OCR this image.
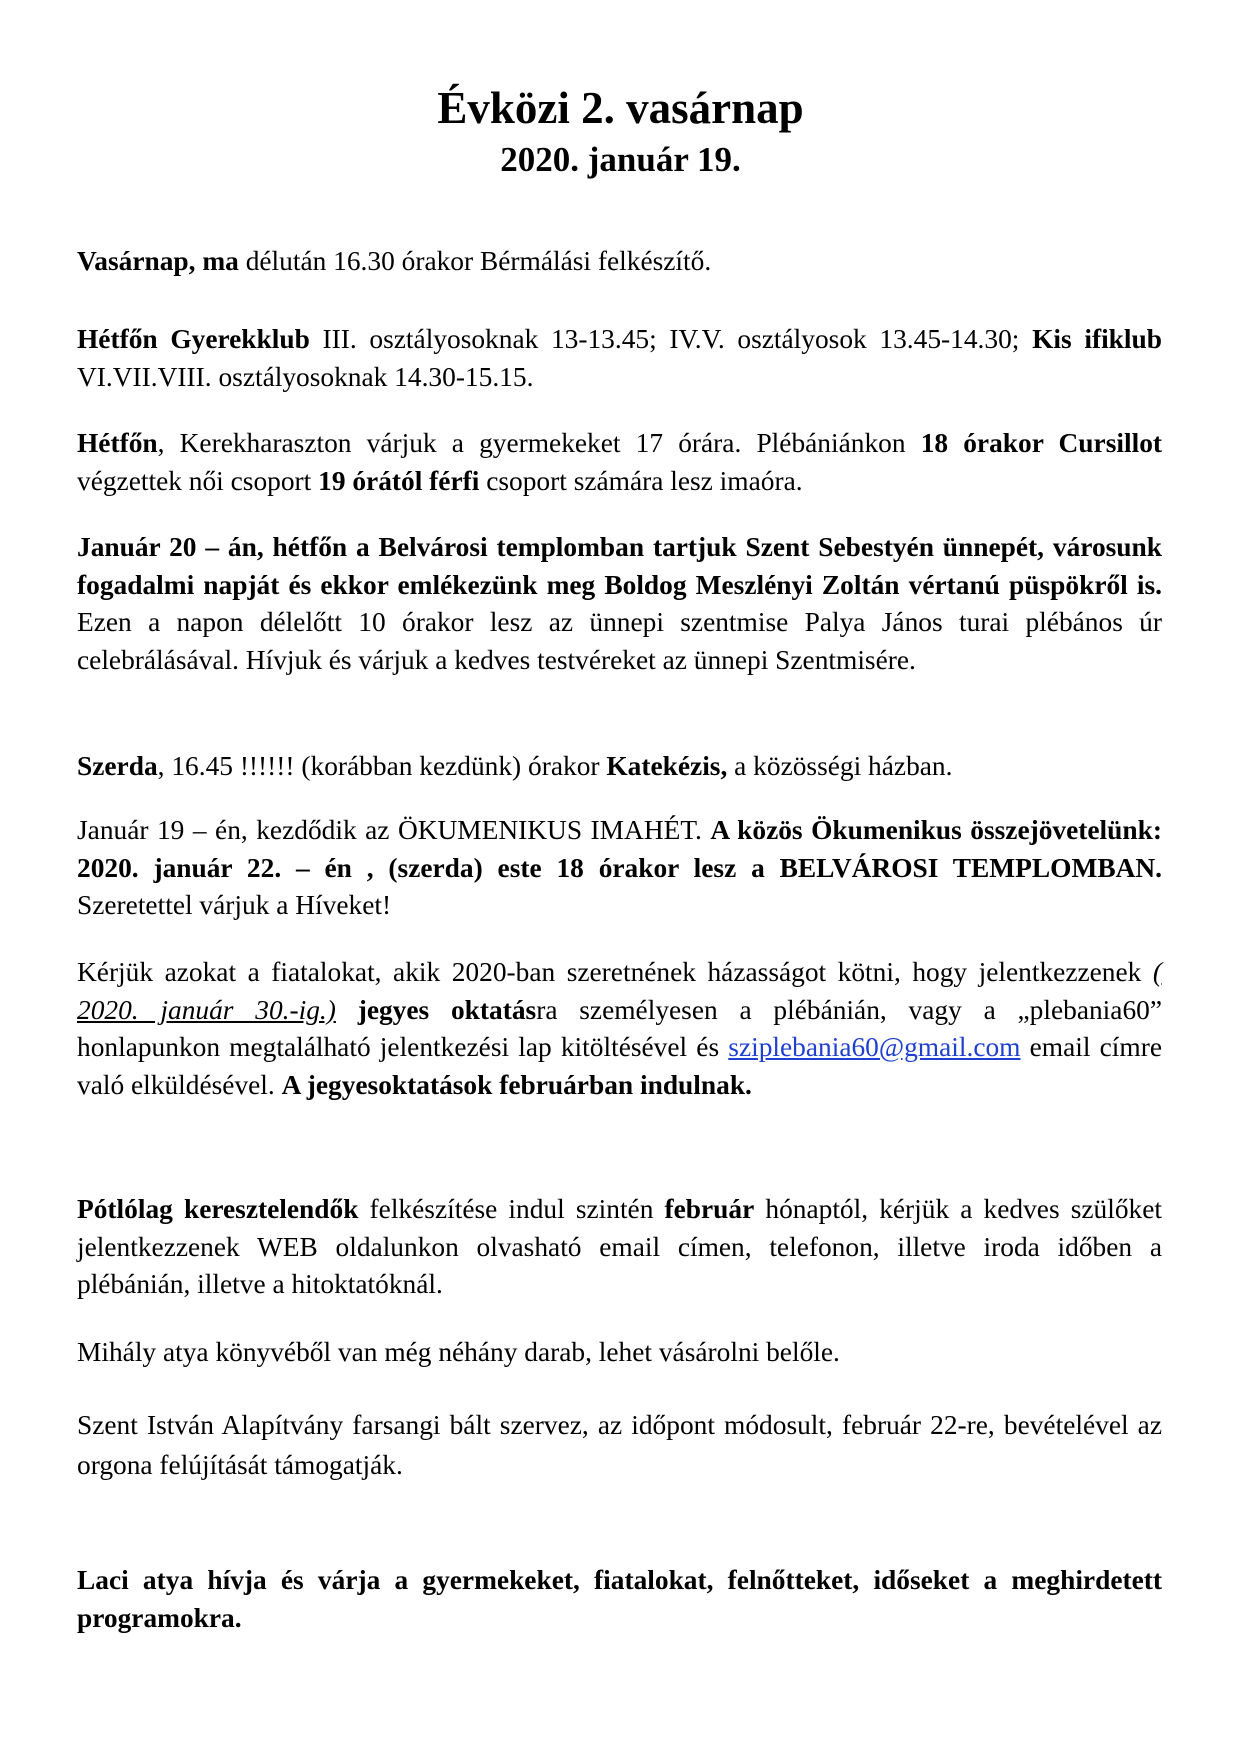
Évközi 2. vasárnap
2020. január 19.

Vasárnap, ma délután 16.30 órakor Bérmálási felkészítő.

Hétfőn Gyerekklub III. osztályosoknak 13-13.45; IV.V. osztályosok 13.45-14.30; Kis ifiklub VI.VII.VIII. osztályosoknak 14.30-15.15.

Hétfőn, Kerekharaszton várjuk a gyermekeket 17 órára. Plébániánkon 18 órakor Cursillot végzettek női csoport 19 órától férfi csoport számára lesz imaóra.

Január 20 – án, hétfőn a Belvárosi templomban tartjuk Szent Sebestyén ünnepét, városunk fogadalmi napját és ekkor emlékezünk meg Boldog Meszlényi Zoltán vértanú püspökről is. Ezen a napon délelőtt 10 órakor lesz az ünnepi szentmise Palya János turai plébános úr celebrálásával. Hívjuk és várjuk a kedves testvéreket az ünnepi Szentmisére.

Szerda, 16.45 !!!!!! (korábban kezdünk) órakor Katekézis, a közösségi házban.

Január 19 – én, kezdődik az ÖKUMENIKUS IMAHÉT. A közös Ökumenikus összejövetelünk: 2020. január 22. – én , (szerda) este 18 órakor lesz a BELVÁROSI TEMPLOMBAN. Szeretettel várjuk a Híveket!

Kérjük azokat a fiatalokat, akik 2020-ban szeretnének házasságot kötni, hogy jelentkezzenek ( 2020. január 30.-ig.) jegyes oktatásra személyesen a plébánián, vagy a „plebania60” honlapunkon megtalálható jelentkezési lap kitöltésével és sziplebania60@gmail.com email címre való elküldésével. A jegyesoktatások februárban indulnak.

Pótlólag keresztelendők felkészítése indul szintén február hónaptól, kérjük a kedves szülőket jelentkezzenek WEB oldalunkon olvasható email címen, telefonon, illetve iroda időben a plébánián, illetve a hitoktatóknál.

Mihály atya könyvéből van még néhány darab, lehet vásárolni belőle.

Szent István Alapítvány farsangi bált szervez, az időpont módosult, február 22-re, bevételével az orgona felújítását támogatják.

Laci atya hívja és várja a gyermekeket, fiatalokat, felnőtteket, időseket a meghirdetett programokra.
